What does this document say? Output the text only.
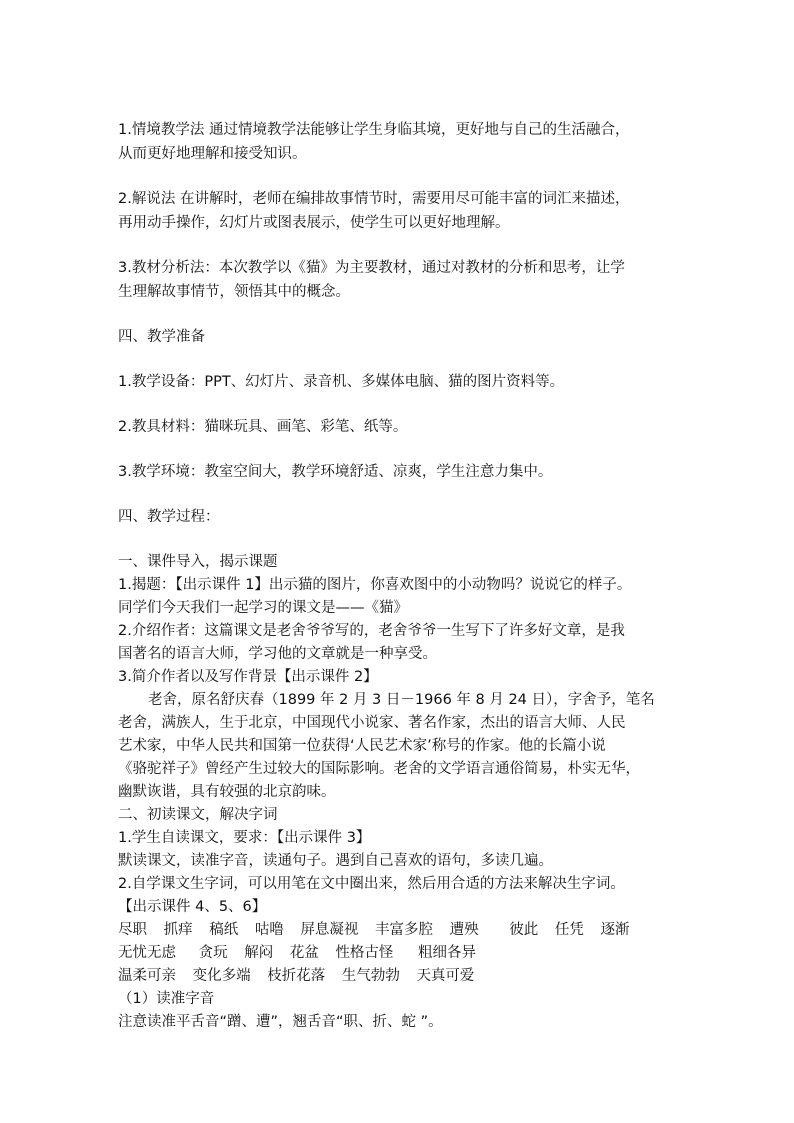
1.情境教学法 通过情境教学法能够让学生身临其境，更好地与自己的生活融合，

从而更好地理解和接受知识。

2.解说法 在讲解时，老师在编排故事情节时，需要用尽可能丰富的词汇来描述，

再用动手操作，幻灯片或图表展示，使学生可以更好地理解。

3.教材分析法：本次教学以《猫》为主要教材，通过对教材的分析和思考，让学

生理解故事情节，领悟其中的概念。

四、教学准备

1.教学设备：PPT、幻灯片、录音机、多媒体电脑、猫的图片资料等。

2.教具材料：猫咪玩具、画笔、彩笔、纸等。

3.教学环境：教室空间大，教学环境舒适、凉爽，学生注意力集中。

四、教学过程：

一、课件导入，揭示课题

1.揭题：【出示课件 1】出示猫的图片，你喜欢图中的小动物吗？说说它的样子。

同学们今天我们一起学习的课文是——《猫》

2.介绍作者：这篇课文是老舍爷爷写的，老舍爷爷一生写下了许多好文章，是我

国著名的语言大师，学习他的文章就是一种享受。

3.简介作者以及写作背景【出示课件 2】

老舍，原名舒庆春（1899 年 2 月 3 日－1966 年 8 月 24 日），字舍予，笔名

老舍，满族人，生于北京，中国现代小说家、著名作家，杰出的语言大师、人民

艺术家，中华人民共和国第一位获得‘人民艺术家’称号的作家。他的长篇小说

《骆驼祥子》曾经产生过较大的国际影响。老舍的文学语言通俗简易，朴实无华，

幽默诙谐，具有较强的北京韵味。

二、初读课文，解决字词

1.学生自读课文，要求：【出示课件 3】

默读课文，读准字音，读通句子。遇到自己喜欢的语句，多读几遍。

2.自学课文生字词，可以用笔在文中圈出来，然后用合适的方法来解决生字词。

【出示课件 4、5、6】

尽职 抓痒 稿纸 咕噜 屏息凝视 丰富多腔 遭殃 彼此 任凭 逐渐

无忧无虑 贪玩 解闷 花盆 性格古怪 粗细各异

温柔可亲 变化多端 枝折花落 生气勃勃 天真可爱

（1）读准字音

注意读准平舌音“蹭、遭”，翘舌音“职、折、蛇 ”。
